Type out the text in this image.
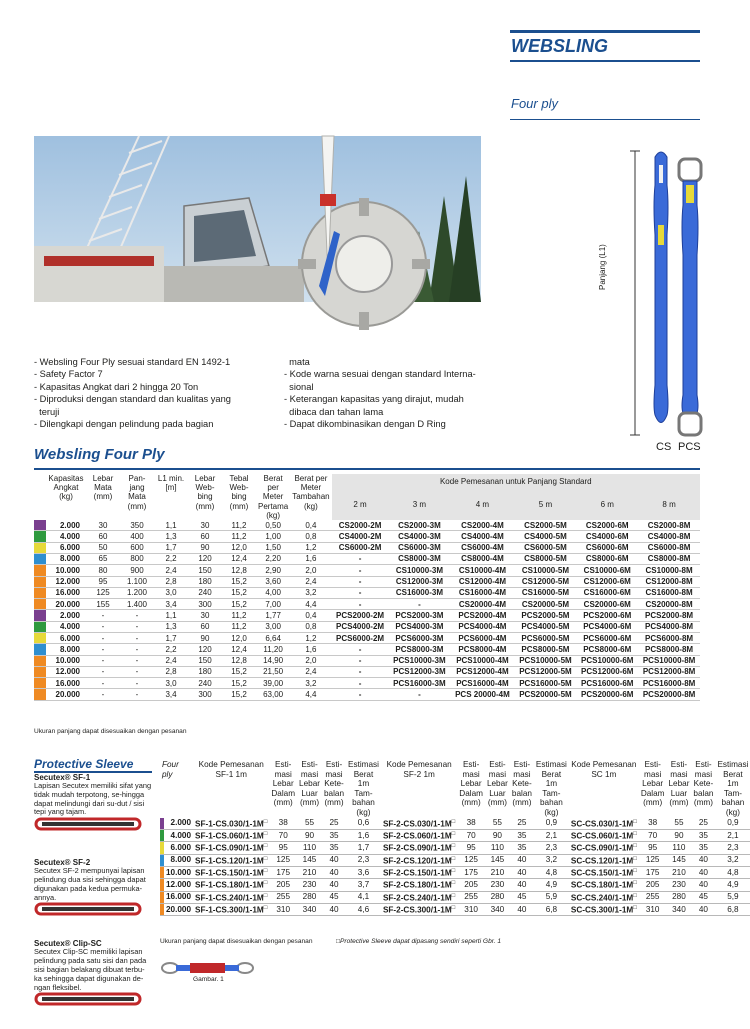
WEBSLING
Four ply
Panjang (L1)
CS PCS
- Websling Four Ply sesuai standard EN 1492-1
- Safety Factor 7
- Kapasitas Angkat dari 2 hingga 20 Ton
- Diproduksi dengan standard dan kualitas yang
teruji
- Dilengkapi dengan pelindung pada bagian
mata
- Kode warna sesuai dengan standard Interna-
sional
- Keterangan kapasitas yang dirajut, mudah
dibaca dan tahan lama
- Dapat dikombinasikan dengan D Ring
Websling Four Ply
	Kapasitas Angkat (kg)	Lebar Mata (mm)	Pan- jang Mata (mm)	L1 min. [m]	Lebar Web- bing (mm)	Tebal Web- bing (mm)	Berat per Meter Pertama (kg)	Berat per Meter Tambahan (kg)	Kode Pemesanan untuk Panjang Standard					
									2 m	3 m	4 m	5 m	6 m	8 m
	2.000	30	350	1,1	30	11,2	0,50	0,4	CS2000-2M	CS2000-3M	CS2000-4M	CS2000-5M	CS2000-6M	CS2000-8M
	4.000	60	400	1,3	60	11,2	1,00	0,8	CS4000-2M	CS4000-3M	CS4000-4M	CS4000-5M	CS4000-6M	CS4000-8M
	6.000	50	600	1,7	90	12,0	1,50	1,2	CS6000-2M	CS6000-3M	CS6000-4M	CS6000-5M	CS6000-6M	CS6000-8M
	8.000	65	800	2,2	120	12,4	2,20	1,6	-	CS8000-3M	CS8000-4M	CS8000-5M	CS8000-6M	CS8000-8M
	10.000	80	900	2,4	150	12,8	2,90	2,0	-	CS10000-3M	CS10000-4M	CS10000-5M	CS10000-6M	CS10000-8M
	12.000	95	1.100	2,8	180	15,2	3,60	2,4	-	CS12000-3M	CS12000-4M	CS12000-5M	CS12000-6M	CS12000-8M
	16.000	125	1.200	3,0	240	15,2	4,00	3,2	-	CS16000-3M	CS16000-4M	CS16000-5M	CS16000-6M	CS16000-8M
	20.000	155	1.400	3,4	300	15,2	7,00	4,4	-	-	CS20000-4M	CS20000-5M	CS20000-6M	CS20000-8M
	2.000	-	-	1,1	30	11,2	1,77	0,4	PCS2000-2M	PCS2000-3M	PCS2000-4M	PCS2000-5M	PCS2000-6M	PCS2000-8M
	4.000	-	-	1,3	60	11,2	3,00	0,8	PCS4000-2M	PCS4000-3M	PCS4000-4M	PCS4000-5M	PCS4000-6M	PCS4000-8M
	6.000	-	-	1,7	90	12,0	6,64	1,2	PCS6000-2M	PCS6000-3M	PCS6000-4M	PCS6000-5M	PCS6000-6M	PCS6000-8M
	8.000	-	-	2,2	120	12,4	11,20	1,6	-	PCS8000-3M	PCS8000-4M	PCS8000-5M	PCS8000-6M	PCS8000-8M
	10.000	-	-	2,4	150	12,8	14,90	2,0	-	PCS10000-3M	PCS10000-4M	PCS10000-5M	PCS10000-6M	PCS10000-8M
	12.000	-	-	2,8	180	15,2	21,50	2,4	-	PCS12000-3M	PCS12000-4M	PCS12000-5M	PCS12000-6M	PCS12000-8M
	16.000	-	-	3,0	240	15,2	39,00	3,2	-	PCS16000-3M	PCS16000-4M	PCS16000-5M	PCS16000-6M	PCS16000-8M
	20.000	-	-	3,4	300	15,2	63,00	4,4	-	-	PCS 20000-4M	PCS20000-5M	PCS20000-6M	PCS20000-8M
Ukuran panjang dapat disesuaikan dengan pesanan
Protective Sleeve
Secutex® SF-1
Lapisan Secutex memiliki sifat yang tidak mudah terpotong, se-hingga dapat melindungi dari su-dut / sisi tepi yang tajam.
Secutex® SF-2
Secutex SF-2 mempunyai lapisan pelindung dua sisi sehingga dapat digunakan pada kedua permuka-annya.
Secutex® Clip-SC
Secutex Clip-SC memiliki lapisan pelindung pada satu sisi dan pada sisi bagian belakang dibuat terbu-ka sehingga dapat digunakan de-ngan fleksibel.
Four ply		Kode Pemesanan SF-1 1m	Esti- masi Lebar Dalam (mm)	Esti- masi Lebar Luar (mm)	Esti- masi Kete- balan (mm)	Estimasi Berat 1m Tam- bahan (kg)	Kode Pemesanan SF-2 1m	Esti- masi Lebar Dalam (mm)	Esti- masi Lebar Luar (mm)	Esti- masi Kete- balan (mm)	Estimasi Berat 1m Tam- bahan (kg)	Kode Pemesanan SC 1m	Esti- masi Lebar Dalam (mm)	Esti- masi Lebar Luar (mm)	Esti- masi Kete- balan (mm)	Estimasi Berat 1m Tam- bahan (kg)
	2.000	SF-1-CS.030/1-1M□	38	55	25	0,6	SF-2-CS.030/1-1M□	38	55	25	0,9	SC-CS.030/1-1M□	38	55	25	0,9
	4.000	SF-1-CS.060/1-1M□	70	90	35	1,6	SF-2-CS.060/1-1M□	70	90	35	2,1	SC-CS.060/1-1M□	70	90	35	2,1
	6.000	SF-1-CS.090/1-1M□	95	110	35	1,7	SF-2-CS.090/1-1M□	95	110	35	2,3	SC-CS.090/1-1M□	95	110	35	2,3
	8.000	SF-1-CS.120/1-1M□	125	145	40	2,3	SF-2-CS.120/1-1M□	125	145	40	3,2	SC-CS.120/1-1M□	125	145	40	3,2
	10.000	SF-1-CS.150/1-1M□	175	210	40	3,6	SF-2-CS.150/1-1M□	175	210	40	4,8	SC-CS.150/1-1M□	175	210	40	4,8
	12.000	SF-1-CS.180/1-1M□	205	230	40	3,7	SF-2-CS.180/1-1M□	205	230	40	4,9	SC-CS.180/1-1M□	205	230	40	4,9
	16.000	SF-1-CS.240/1-1M□	255	280	45	4,1	SF-2-CS.240/1-1M□	255	280	45	5,9	SC-CS.240/1-1M□	255	280	45	5,9
	20.000	SF-1-CS.300/1-1M□	310	340	40	4,6	SF-2-CS.300/1-1M□	310	340	40	6,8	SC-CS.300/1-1M□	310	340	40	6,8
Ukuran panjang dapat disesuaikan dengan pesanan	□Protective Sleeve dapat dipasang sendiri seperti Gbr. 1
Gambar. 1
